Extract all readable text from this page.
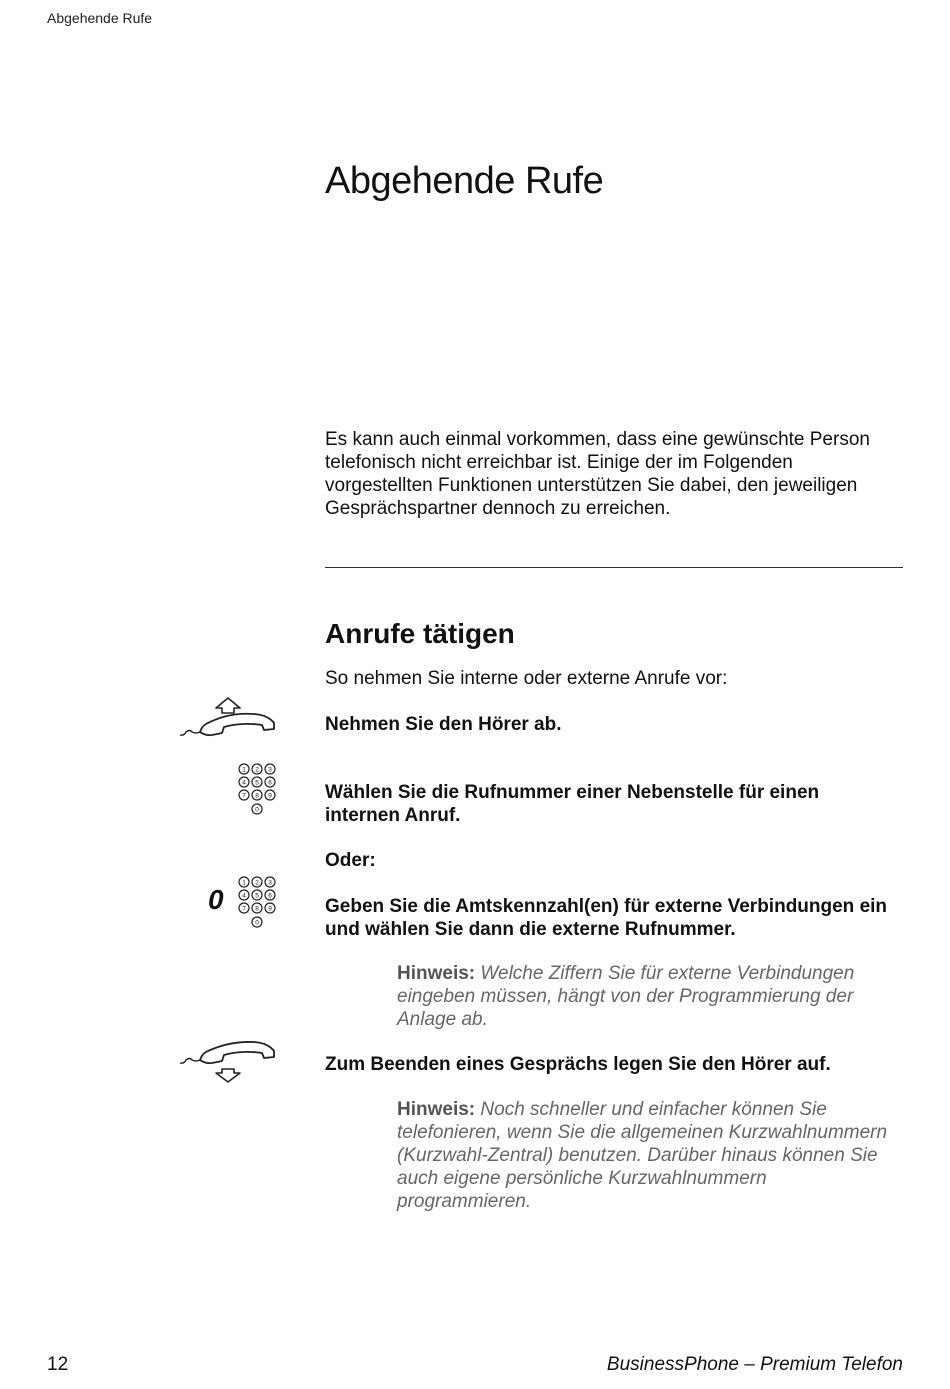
Abgehende Rufe
Abgehende Rufe

Es kann auch einmal vorkommen, dass eine gewünschte Person telefonisch nicht erreichbar ist. Einige der im Folgenden vorgestellten Funktionen unterstützen Sie dabei, den jeweiligen Gesprächspartner dennoch zu erreichen.

Anrufe tätigen
So nehmen Sie interne oder externe Anrufe vor:
Nehmen Sie den Hörer ab.
1 2 3
4 5 6
7 8 9
0

Wählen Sie die Rufnummer einer Nebenstelle für einen internen Anruf.

Oder:
0
1 2 3
4 5 6
7 8 9
0

Geben Sie die Amtskennzahl(en) für externe Verbindungen ein und wählen Sie dann die externe Rufnummer.

Hinweis: Welche Ziffern Sie für externe Verbindungen eingeben müssen, hängt von der Programmierung der Anlage ab.

Zum Beenden eines Gesprächs legen Sie den Hörer auf.

Hinweis: Noch schneller und einfacher können Sie telefonieren, wenn Sie die allgemeinen Kurzwahlnummern (Kurzwahl-Zentral) benutzen. Darüber hinaus können Sie auch eigene persönliche Kurzwahlnummern programmieren.

12	BusinessPhone – Premium Telefon
